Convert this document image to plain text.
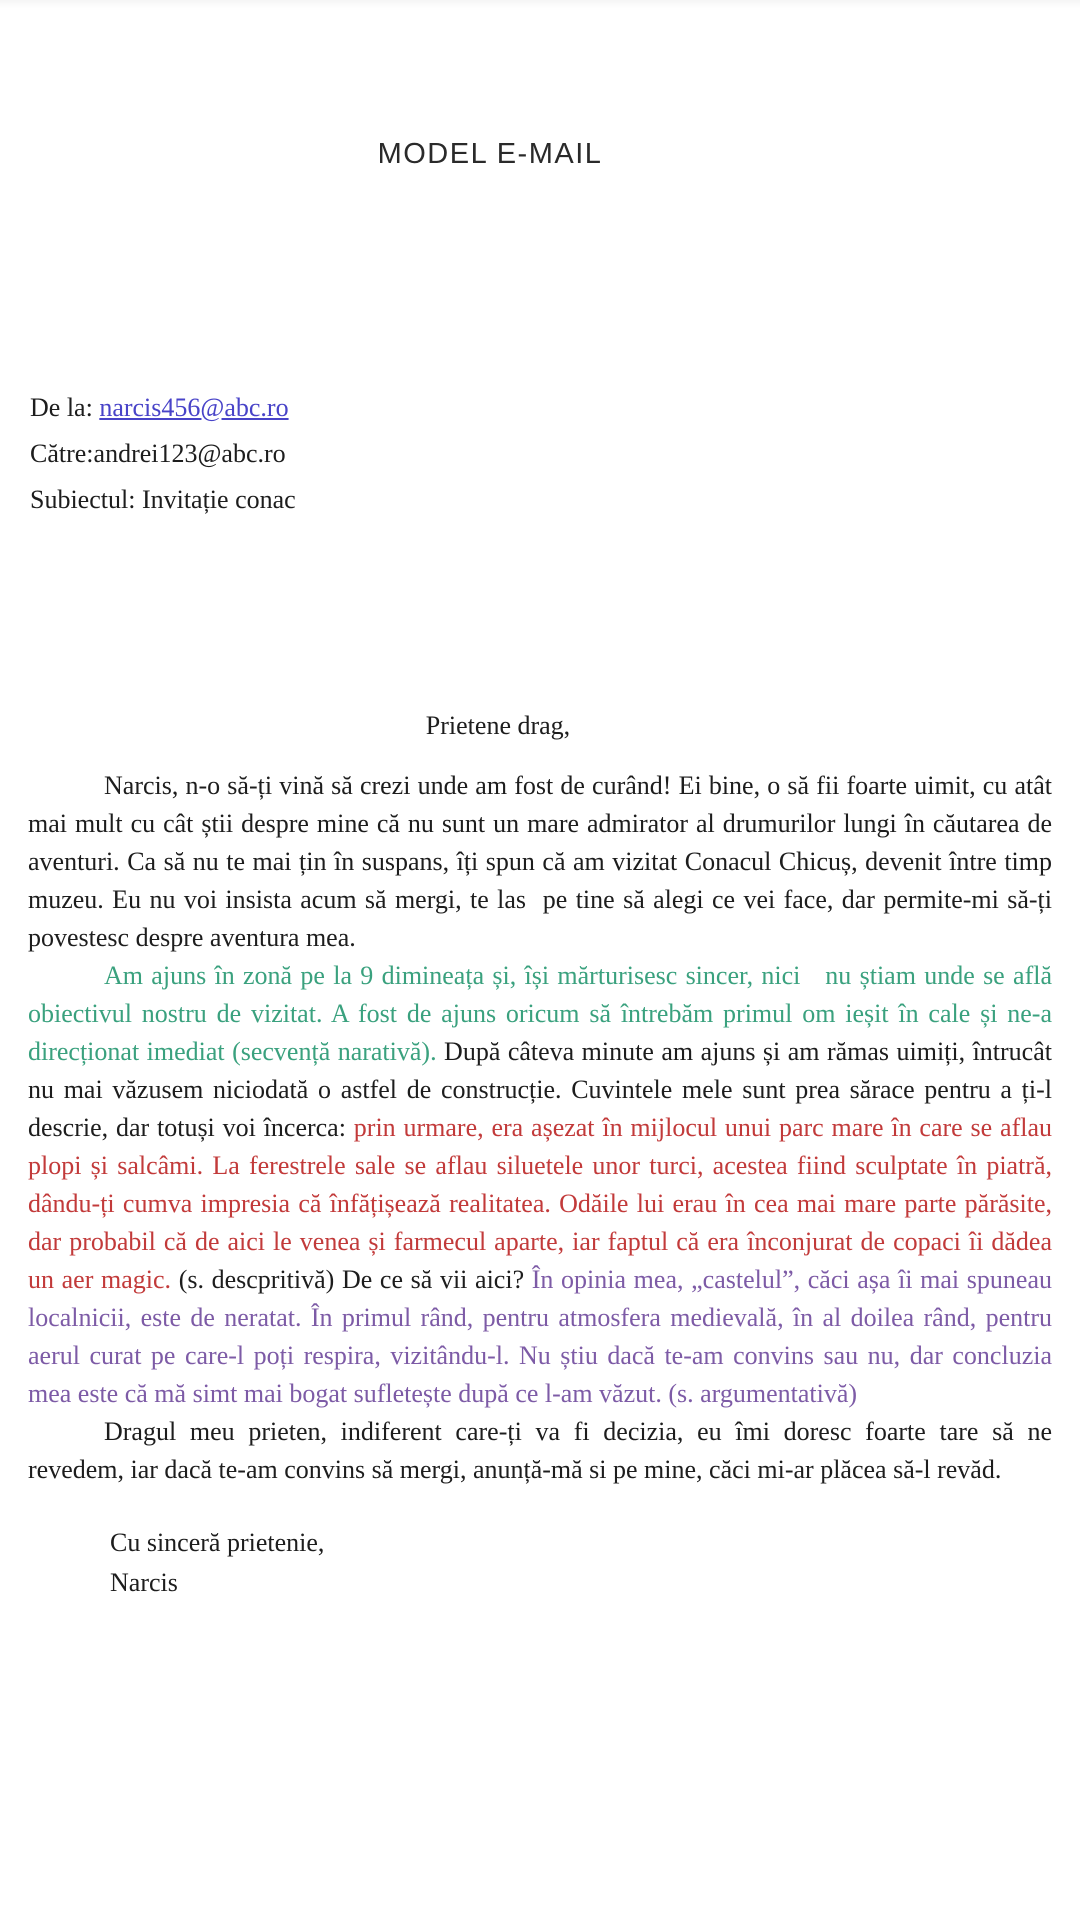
MODEL E-MAIL
De la: narcis456@abc.ro
Către:andrei123@abc.ro
Subiectul: Invitație conac
Prietene drag,

Narcis, n-o să-ți vină să crezi unde am fost de curând! Ei bine, o să fii foarte uimit, cu atât mai mult cu cât știi despre mine că nu sunt un mare admirator al drumurilor lungi în căutarea de aventuri. Ca să nu te mai țin în suspans, îți spun că am vizitat Conacul Chicuș, devenit între timp muzeu. Eu nu voi insista acum să mergi, te las  pe tine să alegi ce vei face, dar permite-mi să-ți povestesc despre aventura mea.

Am ajuns în zonă pe la 9 dimineața și, își mărturisesc sincer, nici   nu știam unde se află obiectivul nostru de vizitat. A fost de ajuns oricum să întrebăm primul om ieșit în cale și ne-a direcționat imediat (secvență narativă). După câteva minute am ajuns și am rămas uimiți, întrucât nu mai văzusem niciodată o astfel de construcție. Cuvintele mele sunt prea sărace pentru a ți-l descrie, dar totuși voi încerca: prin urmare, era așezat în mijlocul unui parc mare în care se aflau plopi și salcâmi. La ferestrele sale se aflau siluetele unor turci, acestea fiind sculptate în piatră, dându-ți cumva impresia că înfățișează realitatea. Odăile lui erau în cea mai mare parte părăsite, dar probabil că de aici le venea și farmecul aparte, iar faptul că era înconjurat de copaci îi dădea un aer magic. (s. descpritivă) De ce să vii aici? În opinia mea, „castelul”, căci așa îi mai spuneau localnicii, este de neratat. În primul rând, pentru atmosfera medievală, în al doilea rând, pentru aerul curat pe care-l poți respira, vizitându-l. Nu știu dacă te-am convins sau nu, dar concluzia mea este că mă simt mai bogat sufletește după ce l-am văzut. (s. argumentativă)

Dragul meu prieten, indiferent care-ți va fi decizia, eu îmi doresc foarte tare să ne revedem, iar dacă te-am convins să mergi, anunță-mă si pe mine, căci mi-ar plăcea să-l revăd.

Cu sinceră prietenie,
Narcis
